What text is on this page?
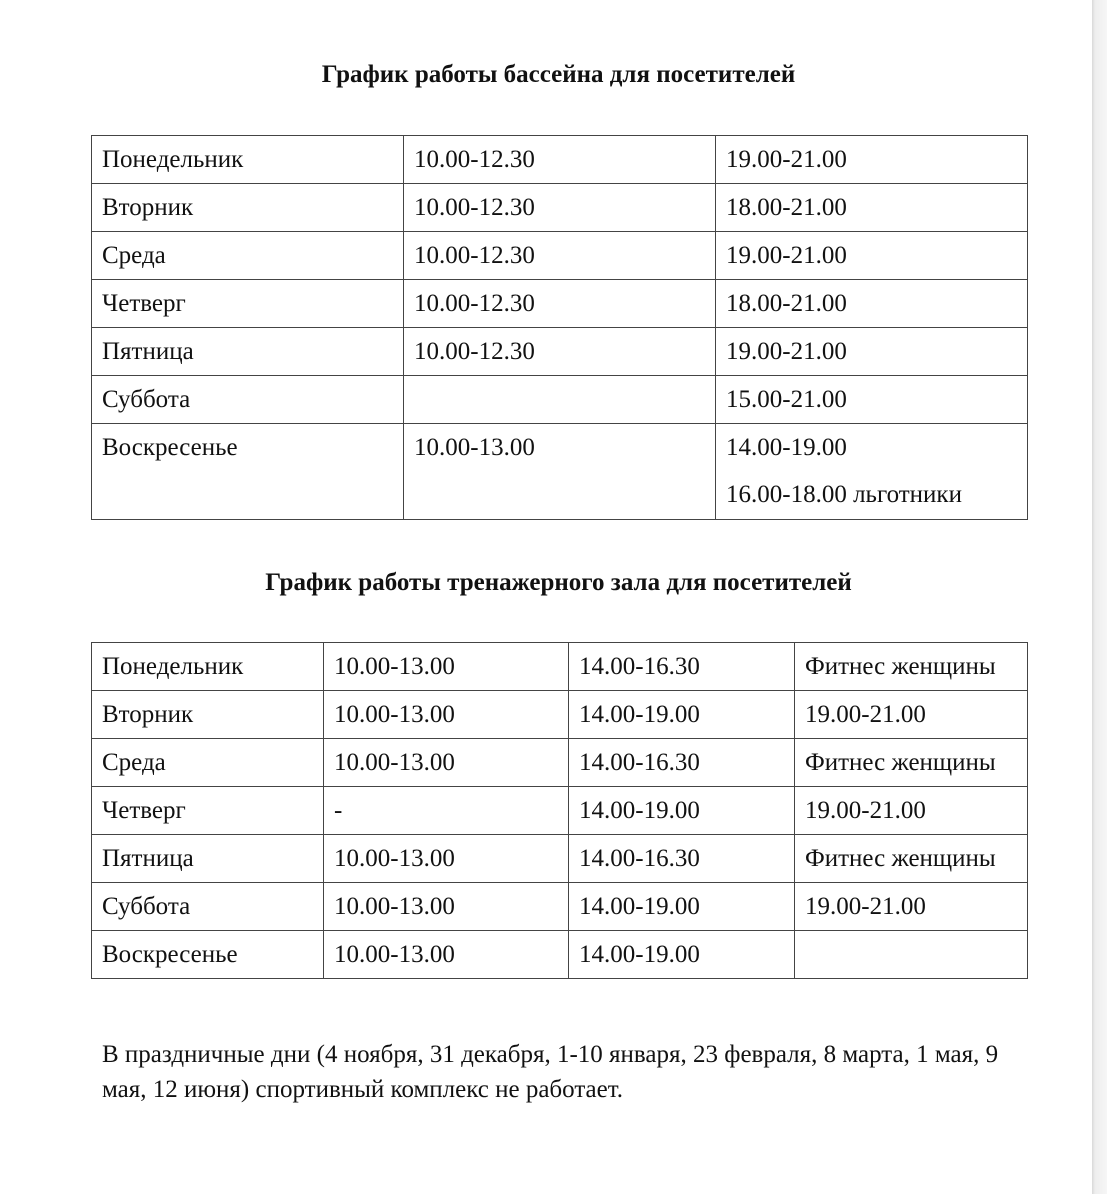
График работы бассейна для посетителей
Понедельник	10.00-12.30	19.00-21.00

Вторник	10.00-12.30	18.00-21.00

Среда	10.00-12.30	19.00-21.00

Четверг	10.00-12.30	18.00-21.00

Пятница	10.00-12.30	19.00-21.00

Суббота		15.00-21.00

Воскресенье	10.00-13.00	14.00-19.00
16.00-18.00 льготники
График работы тренажерного зала для посетителей
Понедельник	10.00-13.00	14.00-16.30	Фитнес женщины
Вторник	10.00-13.00	14.00-19.00	19.00-21.00
Среда	10.00-13.00	14.00-16.30	Фитнес женщины
Четверг	-	14.00-19.00	19.00-21.00
Пятница	10.00-13.00	14.00-16.30	Фитнес женщины
Суббота	10.00-13.00	14.00-19.00	19.00-21.00
Воскресенье	10.00-13.00	14.00-19.00	

В праздничные дни (4 ноября, 31 декабря, 1-10 января, 23 февраля, 8 марта, 1 мая, 9 мая, 12 июня) спортивный комплекс не работает.
